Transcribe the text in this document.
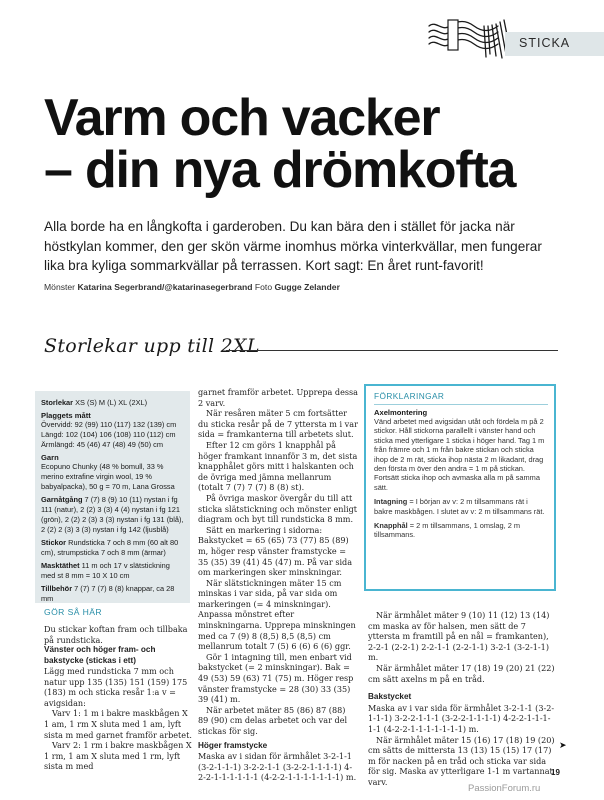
STICKA
Varm och vacker
– din nya drömkofta

Alla borde ha en långkofta i garderoben. Du kan bära den i stället för jacka när höstkylan kommer, den ger skön värme inomhus mörka vinterkvällar, men fungerar lika bra kyliga sommarkvällar på terrassen. Kort sagt: En året runt-favorit!

Mönster Katarina Segerbrand/@katarinasegerbrand Foto Gugge Zelander
Storlekar upp till 2XL
Storlekar XS (S) M (L) XL (2XL)
Plaggets mått
Övervidd: 92 (99) 110 (117) 132 (139) cm
Längd: 102 (104) 106 (108) 110 (112) cm
Ärmlängd: 45 (46) 47 (48) 49 (50) cm
Garn
Ecopuno Chunky (48 % bomull, 33 % merino extrafine virgin wool, 19 % babyalpacka), 50 g = 70 m, Lana Grossa
Garnåtgång 7 (7) 8 (9) 10 (11) nystan i fg 111 (natur), 2 (2) 3 (3) 4 (4) nystan i fg 121 (grön), 2 (2) 2 (3) 3 (3) nystan i fg 131 (blå), 2 (2) 2 (3) 3 (3) nystan i fg 142 (ljusblå)
Stickor Rundsticka 7 och 8 mm (60 alt 80 cm), strumpsticka 7 och 8 mm (ärmar)
Masktäthet 11 m och 17 v slätstickning med st 8 mm = 10 X 10 cm
Tillbehör 7 (7) 7 (7) 8 (8) knappar, ca 28 mm
GÖR SÅ HÄR

Du stickar koftan fram och tillbaka på rundsticka.

Vänster och höger fram- och bakstycke (stickas i ett)

Lägg med rundsticka 7 mm och natur upp 135 (135) 151 (159) 175 (183) m och sticka resår 1:a v = avigsidan:

Varv 1: 1 m i bakre maskbågen X 1 am, 1 rm X sluta med 1 am, lyft sista m med garnet framför arbetet.

Varv 2: 1 rm i bakre maskbågen X 1 rm, 1 am X sluta med 1 rm, lyft sista m med

garnet framför arbetet. Upprepa dessa 2 varv.

När resåren mäter 5 cm fortsätter du sticka resår på de 7 yttersta m i var sida = framkanterna till arbetets slut.

Efter 12 cm görs 1 knapphål på höger framkant innanför 3 m, det sista knapphålet görs mitt i halskanten och de övriga med jämna mellanrum (totalt 7 (7) 7 (7) 8 (8) st).

På övriga maskor övergår du till att sticka slätstickning och mönster enligt diagram och byt till rundsticka 8 mm.

Sätt en markering i sidorna: Bakstycket = 65 (65) 73 (77) 85 (89) m, höger resp vänster framstycke = 35 (35) 39 (41) 45 (47) m. På var sida om markeringen sker minskningar.

När slätstickningen mäter 15 cm minskas i var sida, på var sida om markeringen (= 4 minskningar). Anpassa mönstret efter minskningarna. Upprepa minskningen med ca 7 (9) 8 (8,5) 8,5 (8,5) cm mellanrum totalt 7 (5) 6 (6) 6 (6) ggr.

Gör 1 intagning till, men enbart vid bakstycket (= 2 minskningar). Bak = 49 (53) 59 (63) 71 (75) m. Höger resp vänster framstycke = 28 (30) 33 (35) 39 (41) m.

När arbetet mäter 85 (86) 87 (88) 89 (90) cm delas arbetet och var del stickas för sig.

Höger framstycke

Maska av i sidan för ärmhålet 3-2-1-1 (3-2-1-1-1) 3-2-2-1-1 (3-2-2-1-1-1-1) 4-2-2-1-1-1-1-1-1 (4-2-2-1-1-1-1-1-1-1) m.

FÖRKLARINGAR
Axelmontering
Vänd arbetet med avigsidan utåt och fördela m på 2 stickor. Håll stickorna parallellt i vänster hand och sticka med ytterligare 1 sticka i höger hand. Tag 1 m från främre och 1 m från bakre stickan och sticka ihop de 2 m rät, sticka ihop nästa 2 m likadant, drag den första m över den andra = 1 m på stickan. Fortsätt sticka ihop och avmaska alla m på samma sätt.
Intagning = I början av v: 2 m tillsammans rät i bakre maskbågen. I slutet av v: 2 m tillsammans rät.
Knapphål = 2 m tillsammans, 1 omslag, 2 m tillsammans.

När ärmhålet mäter 9 (10) 11 (12) 13 (14) cm maska av för halsen, men sätt de 7 yttersta m framtill på en nål = framkanten), 2-2-1 (2-2-1) 2-2-1-1 (2-2-1-1) 3-2-1 (3-2-1-1) m.

När ärmhålet mäter 17 (18) 19 (20) 21 (22) cm sätt axelns m på en tråd.

Bakstycket

Maska av i var sida för ärmhålet 3-2-1-1 (3-2-1-1-1) 3-2-2-1-1-1 (3-2-2-1-1-1-1) 4-2-2-1-1-1-1-1 (4-2-2-1-1-1-1-1-1-1) m.

När ärmhålet mäter 15 (16) 17 (18) 19 (20) cm sätts de mittersta 13 (13) 15 (15) 17 (17) m för nacken på en tråd och sticka var sida för sig. Maska av ytterligare 1-1 m vartannat varv.

➤
19
PassionForum.ru
